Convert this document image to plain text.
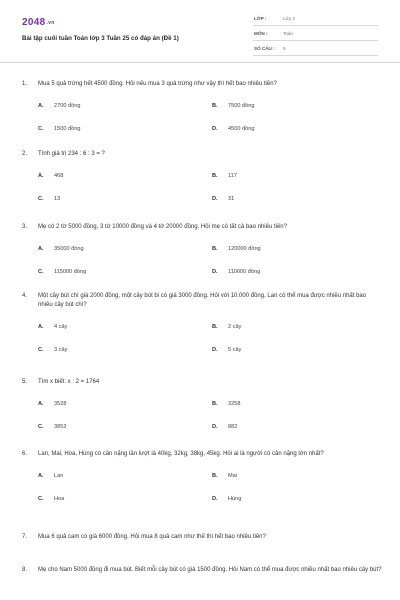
2048.vn
Bài tập cuối tuần Toán lớp 3 Tuần 25 có đáp án (Đề 1)
LỚP :	Lớp 3
MÔN :	Toán
SỐ CÂU : 9
1.	Mua 5 quả trứng hết 4500 đồng. Hỏi nếu mua 3 quả trứng như vậy thì hết bao nhiêu tiền?
A.	2700 đồng	B.	7500 đồng
C.	1500 đồng	D.	4500 đồng
2.	Tính giá trị 234 : 6 : 3 = ?
A.	468	B.	117
C.	13	D.	31
3.	Mẹ có 2 tờ 5000 đồng, 3 tờ 10000 đồng và 4 tờ 20000 đồng. Hỏi mẹ có tất cả bao nhiêu tiền?
A.	35000 đồng	B.	120000 đồng
C.	115000 đồng	D.	110000 đồng
4.	Một cây bút chì giá 2000 đồng, một cây bút bi có giá 3000 đồng. Hỏi với 10.000 đồng, Lan có thể mua được nhiều nhất bao nhiêu cây bút chì?
A.	4 cây	B.	2 cây
C.	3 cây	D.	5 cây
5.	Tìm x biết: x : 2 = 1764
A.	3528	B.	3258
C.	3852	D.	882
6.	Lan, Mai, Hoa, Hùng có cân nặng lần lượt là 40kg, 32kg, 38kg, 45kg. Hỏi ai là người có cân nặng lớn nhất?
A.	Lan	B.	Mai
C.	Hoa	D.	Hùng
7.	Mua 6 quả cam có giá 6000 đồng. Hỏi mua 8 quả cam như thế thì hết bao nhiêu tiền?
8.	Mẹ cho Nam 5000 đồng đi mua bút. Biết mỗi cây bút có giá 1500 đồng. Hỏi Nam có thể mua được nhiều nhất bao nhiêu cây bút?
